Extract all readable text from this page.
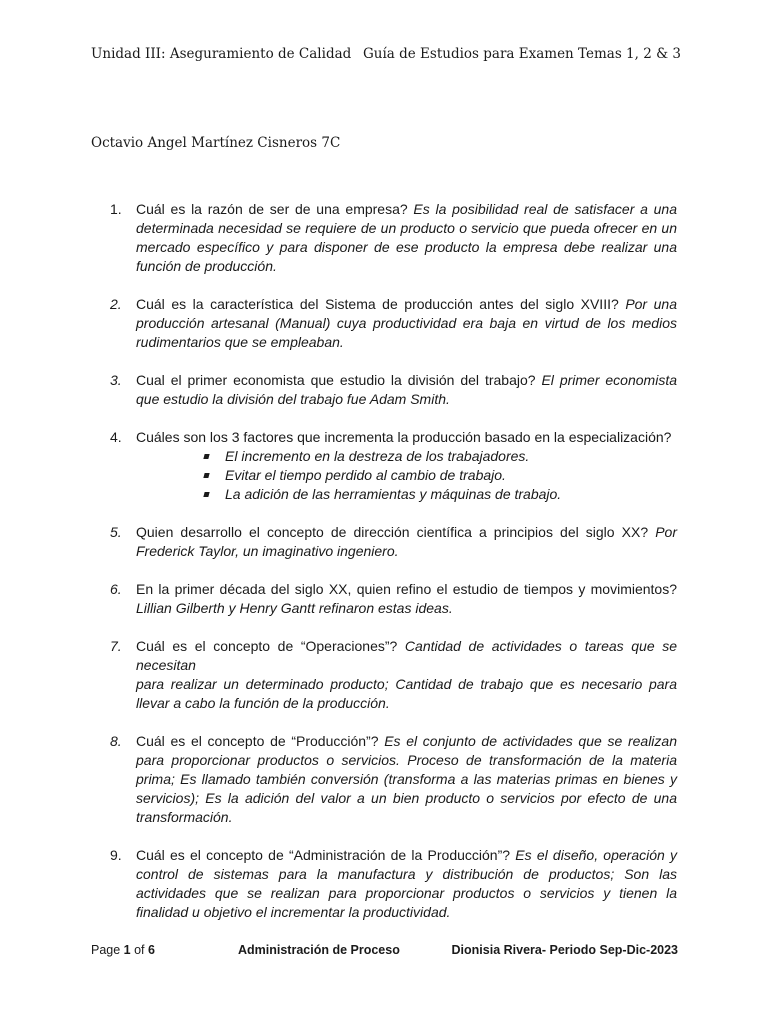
Unidad III: Aseguramiento de Calidad Guía de Estudios para Examen Temas 1, 2 & 3
Octavio Angel Martínez Cisneros 7C
1. Cuál es la razón de ser de una empresa? Es la posibilidad real de satisfacer a una determinada necesidad se requiere de un producto o servicio que pueda ofrecer en un mercado específico y para disponer de ese producto la empresa debe realizar una función de producción.
2. Cuál es la característica del Sistema de producción antes del siglo XVIII? Por una producción artesanal (Manual) cuya productividad era baja en virtud de los medios rudimentarios que se empleaban.
3. Cual el primer economista que estudio la división del trabajo? El primer economista que estudio la división del trabajo fue Adam Smith.
4. Cuáles son los 3 factores que incrementa la producción basado en la especialización?
El incremento en la destreza de los trabajadores.
Evitar el tiempo perdido al cambio de trabajo.
La adición de las herramientas y máquinas de trabajo.
5. Quien desarrollo el concepto de dirección científica a principios del siglo XX? Por Frederick Taylor, un imaginativo ingeniero.
6. En la primer década del siglo XX, quien refino el estudio de tiempos y movimientos? Lillian Gilberth y Henry Gantt refinaron estas ideas.
7. Cuál es el concepto de “Operaciones”? Cantidad de actividades o tareas que se necesitan
para realizar un determinado producto; Cantidad de trabajo que es necesario para llevar a cabo la función de la producción.
8. Cuál es el concepto de “Producción”? Es el conjunto de actividades que se realizan para proporcionar productos o servicios. Proceso de transformación de la materia prima; Es llamado también conversión (transforma a las materias primas en bienes y servicios); Es la adición del valor a un bien producto o servicios por efecto de una transformación.
9. Cuál es el concepto de “Administración de la Producción”? Es el diseño, operación y control de sistemas para la manufactura y distribución de productos; Son las actividades que se realizan para proporcionar productos o servicios y tienen la finalidad u objetivo el incrementar la productividad.
Page 1 of 6	Administración de Proceso	Dionisia Rivera- Periodo Sep-Dic-2023
